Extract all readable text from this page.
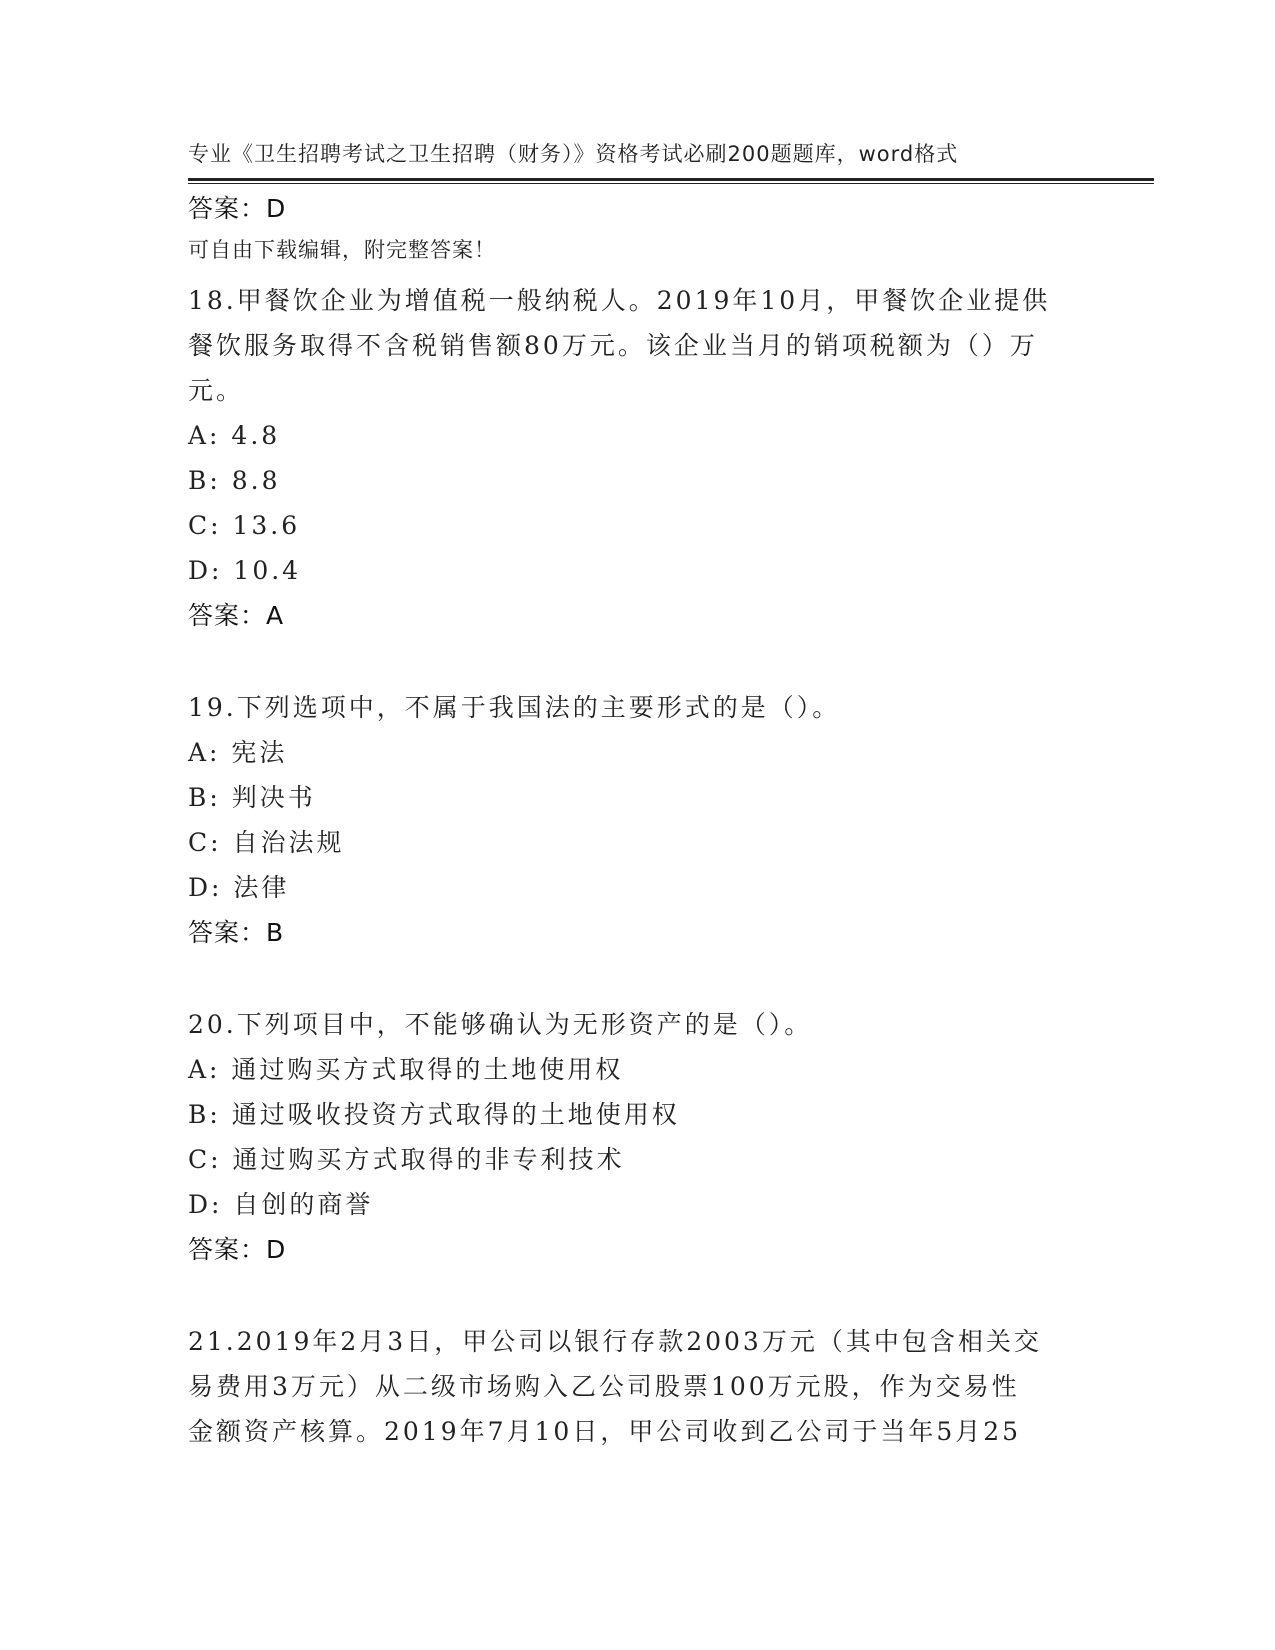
专业《卫生招聘考试之卫生招聘（财务）》资格考试必刷200题题库，word格式

可自由下载编辑，附完整答案！

答案：D
18.甲餐饮企业为增值税一般纳税人。2019年10月，甲餐饮企业提供
餐饮服务取得不含税销售额80万元。该企业当月的销项税额为（）万
元。
A: 4.8
B: 8.8
C: 13.6
D: 10.4
答案：A
19.下列选项中，不属于我国法的主要形式的是（）。
A: 宪法
B: 判决书
C: 自治法规
D: 法律
答案：B
20.下列项目中，不能够确认为无形资产的是（）。
A: 通过购买方式取得的土地使用权
B: 通过吸收投资方式取得的土地使用权
C: 通过购买方式取得的非专利技术
D: 自创的商誉
答案：D
21.2019年2月3日，甲公司以银行存款2003万元（其中包含相关交
易费用3万元）从二级市场购入乙公司股票100万元股，作为交易性
金额资产核算。2019年7月10日，甲公司收到乙公司于当年5月25
